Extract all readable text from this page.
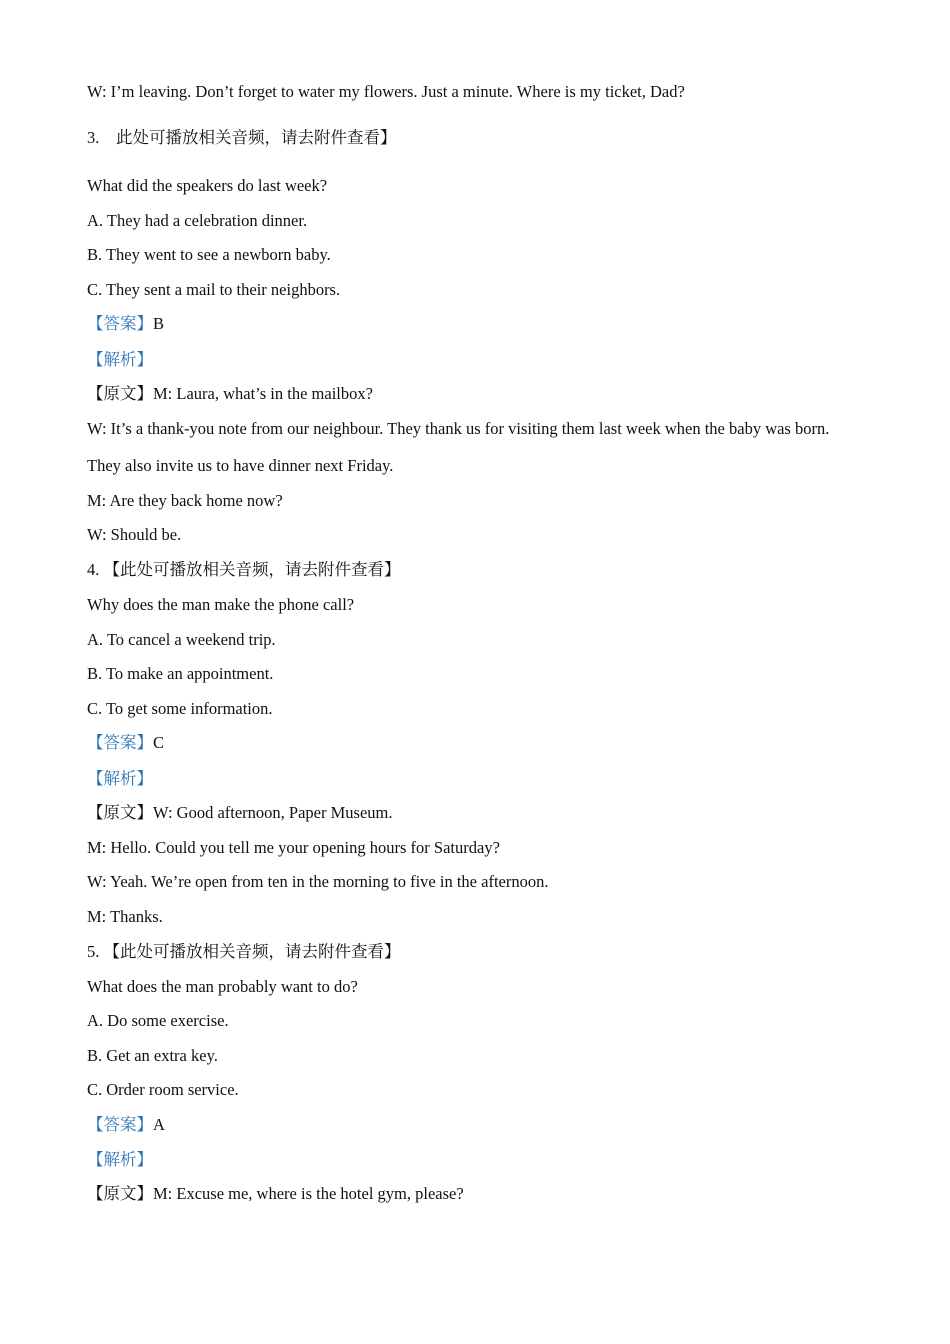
W: I’m leaving. Don’t forget to water my flowers. Just a minute. Where is my ticket, Dad?
3. 此处可播放相关音频，请去附件查看】
What did the speakers do last week?
A. They had a celebration dinner.
B. They went to see a newborn baby.
C. They sent a mail to their neighbors.
【答案】B
【解析】
【原文】M: Laura, what’s in the mailbox?
W: It’s a thank-you note from our neighbour. They thank us for visiting them last week when the baby was born.
They also invite us to have dinner next Friday.
M: Are they back home now?
W: Should be.
4. 【此处可播放相关音频，请去附件查看】
Why does the man make the phone call?
A. To cancel a weekend trip.
B. To make an appointment.
C. To get some information.
【答案】C
【解析】
【原文】W: Good afternoon, Paper Museum.
M: Hello. Could you tell me your opening hours for Saturday?
W: Yeah. We’re open from ten in the morning to five in the afternoon.
M: Thanks.
5. 【此处可播放相关音频，请去附件查看】
What does the man probably want to do?
A. Do some exercise.
B. Get an extra key.
C. Order room service.
【答案】A
【解析】
【原文】M: Excuse me, where is the hotel gym, please?
